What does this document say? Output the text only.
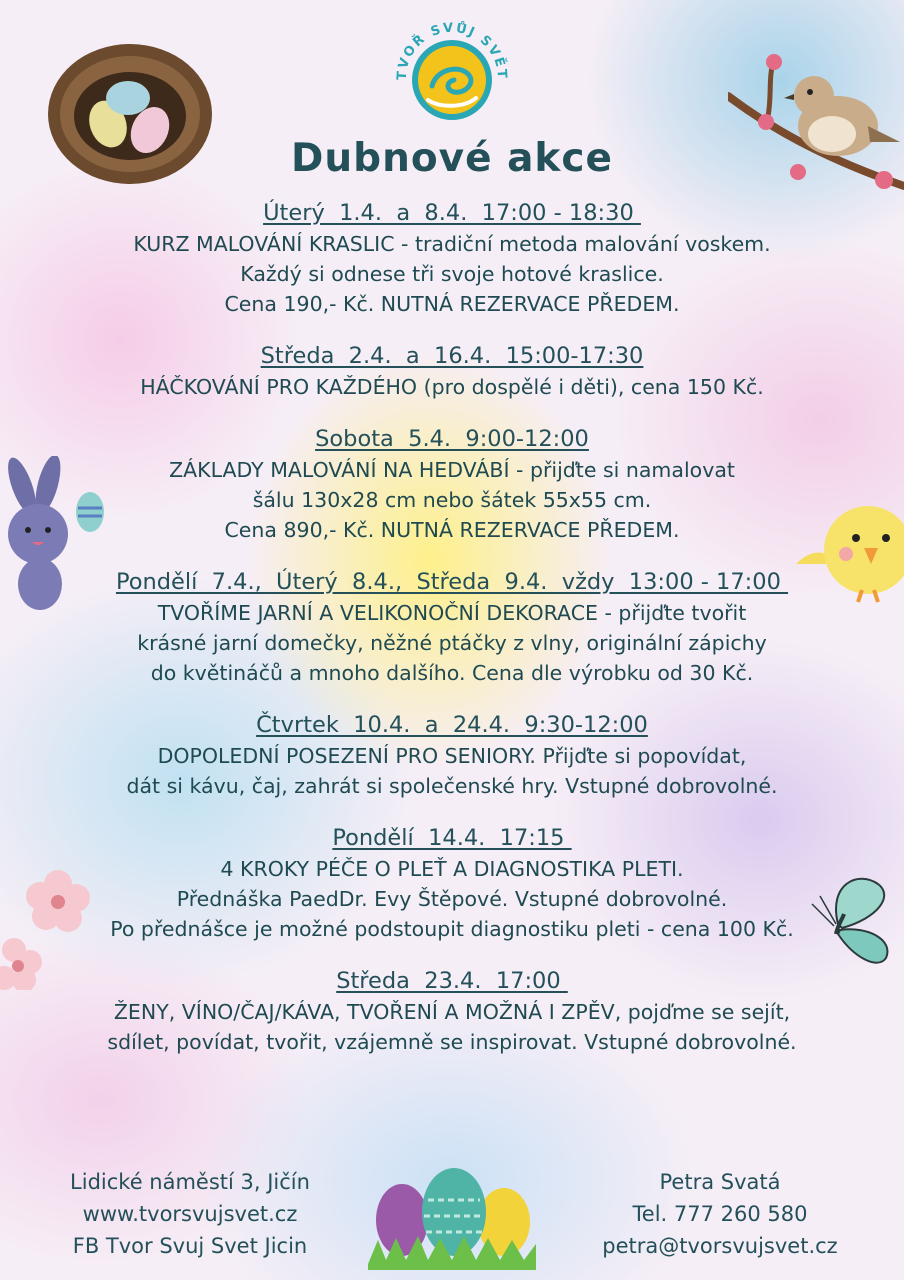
TVOŘ SVŮJ SVĚT
Dubnové akce
Úterý  1.4.  a  8.4.  17:00 - 18:30
KURZ MALOVÁNÍ KRASLIC - tradiční metoda malování voskem.
Každý si odnese tři svoje hotové kraslice.
Cena 190,- Kč. NUTNÁ REZERVACE PŘEDEM.
Středa  2.4.  a  16.4.  15:00-17:30
HÁČKOVÁNÍ PRO KAŽDÉHO (pro dospělé i děti), cena 150 Kč.
Sobota  5.4.  9:00-12:00
ZÁKLADY MALOVÁNÍ NA HEDVÁBÍ - přijďte si namalovat
šálu 130x28 cm nebo šátek 55x55 cm.
Cena 890,- Kč. NUTNÁ REZERVACE PŘEDEM.
Pondělí  7.4.,  Úterý  8.4.,  Středa  9.4.  vždy  13:00 - 17:00
TVOŘÍME JARNÍ A VELIKONOČNÍ DEKORACE - přijďte tvořit
krásné jarní domečky, něžné ptáčky z vlny, originální zápichy
do květináčů a mnoho dalšího. Cena dle výrobku od 30 Kč.
Čtvrtek  10.4.  a  24.4.  9:30-12:00
DOPOLEDNÍ POSEZENÍ PRO SENIORY. Přijďte si popovídat,
dát si kávu, čaj, zahrát si společenské hry. Vstupné dobrovolné.
Pondělí  14.4.  17:15
4 KROKY PÉČE O PLEŤ A DIAGNOSTIKA PLETI.
Přednáška PaedDr. Evy Štěpové. Vstupné dobrovolné.
Po přednášce je možné podstoupit diagnostiku pleti - cena 100 Kč.
Středa  23.4.  17:00
ŽENY, VÍNO/ČAJ/KÁVA, TVOŘENÍ A MOŽNÁ I ZPĚV, pojďme se sejít,
sdílet, povídat, tvořit, vzájemně se inspirovat. Vstupné dobrovolné.
Lidické náměstí 3, Jičín
www.tvorsvujsvet.cz
FB Tvor Svuj Svet Jicin
Petra Svatá
Tel. 777 260 580
petra@tvorsvujsvet.cz
